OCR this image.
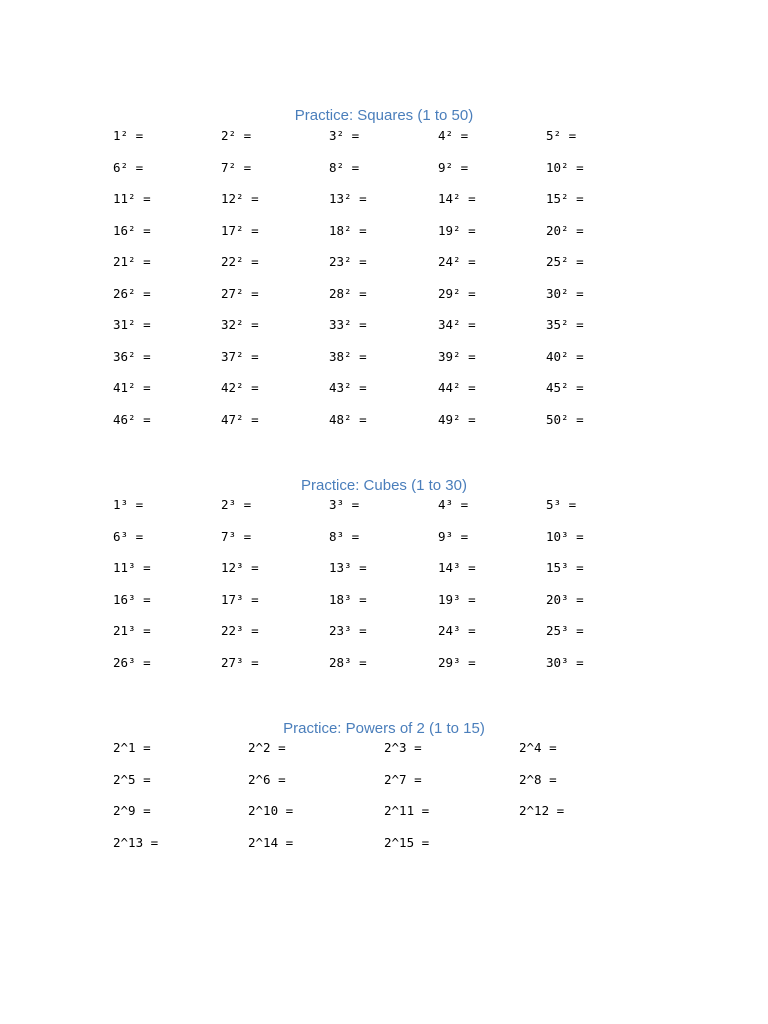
Practice: Squares (1 to 50)
1² =	2² =	3² =	4² =	5² =
6² =	7² =	8² =	9² =	10² =
11² =	12² =	13² =	14² =	15² =
16² =	17² =	18² =	19² =	20² =
21² =	22² =	23² =	24² =	25² =
26² =	27² =	28² =	29² =	30² =
31² =	32² =	33² =	34² =	35² =
36² =	37² =	38² =	39² =	40² =
41² =	42² =	43² =	44² =	45² =
46² =	47² =	48² =	49² =	50² =
Practice: Cubes (1 to 30)
1³ =	2³ =	3³ =	4³ =	5³ =
6³ =	7³ =	8³ =	9³ =	10³ =
11³ =	12³ =	13³ =	14³ =	15³ =
16³ =	17³ =	18³ =	19³ =	20³ =
21³ =	22³ =	23³ =	24³ =	25³ =
26³ =	27³ =	28³ =	29³ =	30³ =
Practice: Powers of 2 (1 to 15)
2^1 =	2^2 =	2^3 =	2^4 =
2^5 =	2^6 =	2^7 =	2^8 =
2^9 =	2^10 =	2^11 =	2^12 =
2^13 =	2^14 =	2^15 =
